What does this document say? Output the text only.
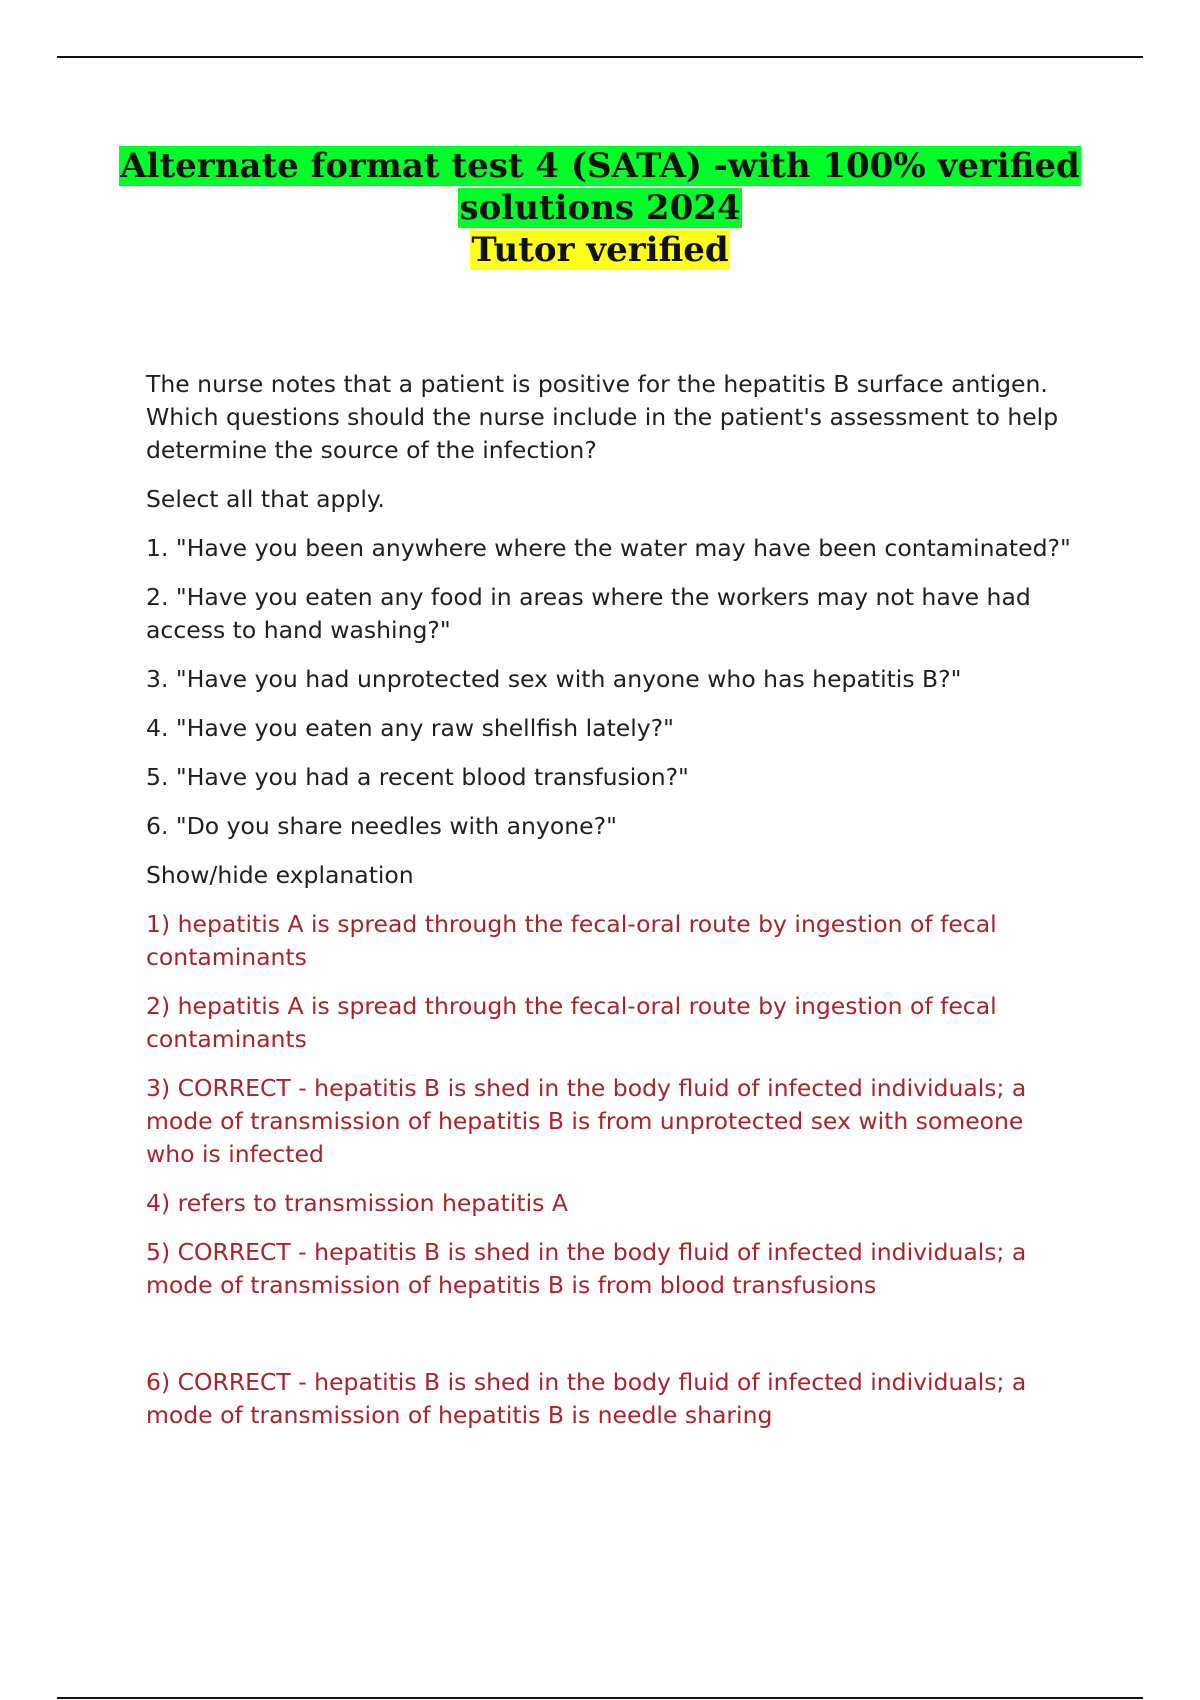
Alternate format test 4 (SATA) -with 100% verified
solutions 2024
Tutor verified

The nurse notes that a patient is positive for the hepatitis B surface antigen. Which questions should the nurse include in the patient's assessment to help determine the source of the infection?

Select all that apply.

1. "Have you been anywhere where the water may have been contaminated?"

2. "Have you eaten any food in areas where the workers may not have had access to hand washing?"

3. "Have you had unprotected sex with anyone who has hepatitis B?"

4. "Have you eaten any raw shellfish lately?"

5. "Have you had a recent blood transfusion?"

6. "Do you share needles with anyone?"

Show/hide explanation

1) hepatitis A is spread through the fecal-oral route by ingestion of fecal contaminants

2) hepatitis A is spread through the fecal-oral route by ingestion of fecal contaminants

3) CORRECT - hepatitis B is shed in the body fluid of infected individuals; a mode of transmission of hepatitis B is from unprotected sex with someone who is infected

4) refers to transmission hepatitis A

5) CORRECT - hepatitis B is shed in the body fluid of infected individuals; a mode of transmission of hepatitis B is from blood transfusions

6) CORRECT - hepatitis B is shed in the body fluid of infected individuals; a mode of transmission of hepatitis B is needle sharing
